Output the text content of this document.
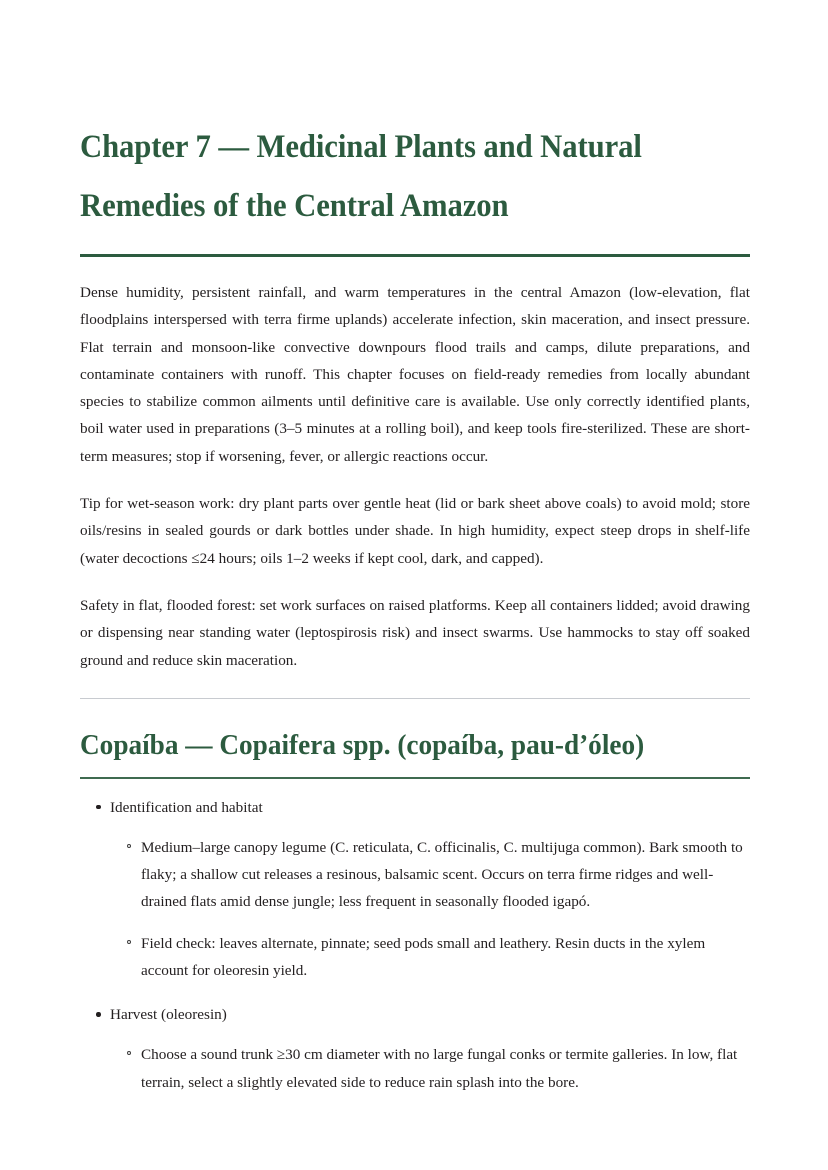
Chapter 7 — Medicinal Plants and Natural Remedies of the Central Amazon

Dense humidity, persistent rainfall, and warm temperatures in the central Amazon (low-elevation, flat floodplains interspersed with terra firme uplands) accelerate infection, skin maceration, and insect pressure. Flat terrain and monsoon-like convective downpours flood trails and camps, dilute preparations, and contaminate containers with runoff. This chapter focuses on field-ready remedies from locally abundant species to stabilize common ailments until definitive care is available. Use only correctly identified plants, boil water used in preparations (3–5 minutes at a rolling boil), and keep tools fire-sterilized. These are short-term measures; stop if worsening, fever, or allergic reactions occur.

Tip for wet-season work: dry plant parts over gentle heat (lid or bark sheet above coals) to avoid mold; store oils/resins in sealed gourds or dark bottles under shade. In high humidity, expect steep drops in shelf-life (water decoctions ≤24 hours; oils 1–2 weeks if kept cool, dark, and capped).

Safety in flat, flooded forest: set work surfaces on raised platforms. Keep all containers lidded; avoid drawing or dispensing near standing water (leptospirosis risk) and insect swarms. Use hammocks to stay off soaked ground and reduce skin maceration.

Copaíba — Copaifera spp. (copaíba, pau-d’óleo)
Identification and habitat
Medium–large canopy legume (C. reticulata, C. officinalis, C. multijuga common). Bark smooth to flaky; a shallow cut releases a resinous, balsamic scent. Occurs on terra firme ridges and well-drained flats amid dense jungle; less frequent in seasonally flooded igapó.
Field check: leaves alternate, pinnate; seed pods small and leathery. Resin ducts in the xylem account for oleoresin yield.
Harvest (oleoresin)
Choose a sound trunk ≥30 cm diameter with no large fungal conks or termite galleries. In low, flat terrain, select a slightly elevated side to reduce rain splash into the bore.
